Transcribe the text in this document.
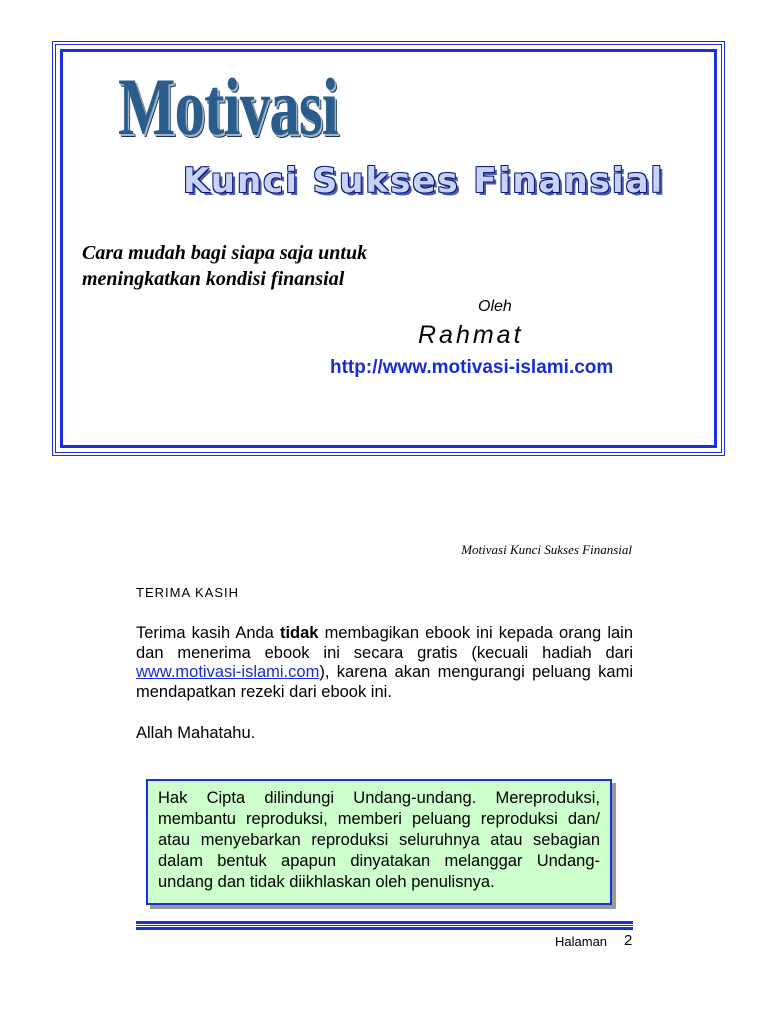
Motivasi
Kunci Sukses Finansial
Cara mudah bagi siapa saja untuk
meningkatkan kondisi finansial
Oleh
Rahmat
http://www.motivasi-islami.com
Motivasi Kunci Sukses Finansial
TERIMA KASIH

Terima kasih Anda tidak membagikan ebook ini kepada orang lain dan menerima ebook ini secara gratis (kecuali hadiah dari www.motivasi-islami.com), karena akan mengurangi peluang kami mendapatkan rezeki dari ebook ini.

Allah Mahatahu.
Hak Cipta dilindungi Undang-undang. Mereproduksi, membantu reproduksi, memberi peluang reproduksi dan/ atau menyebarkan reproduksi seluruhnya atau sebagian dalam bentuk apapun dinyatakan melanggar Undang-undang dan tidak diikhlaskan oleh penulisnya.
Halaman 2
